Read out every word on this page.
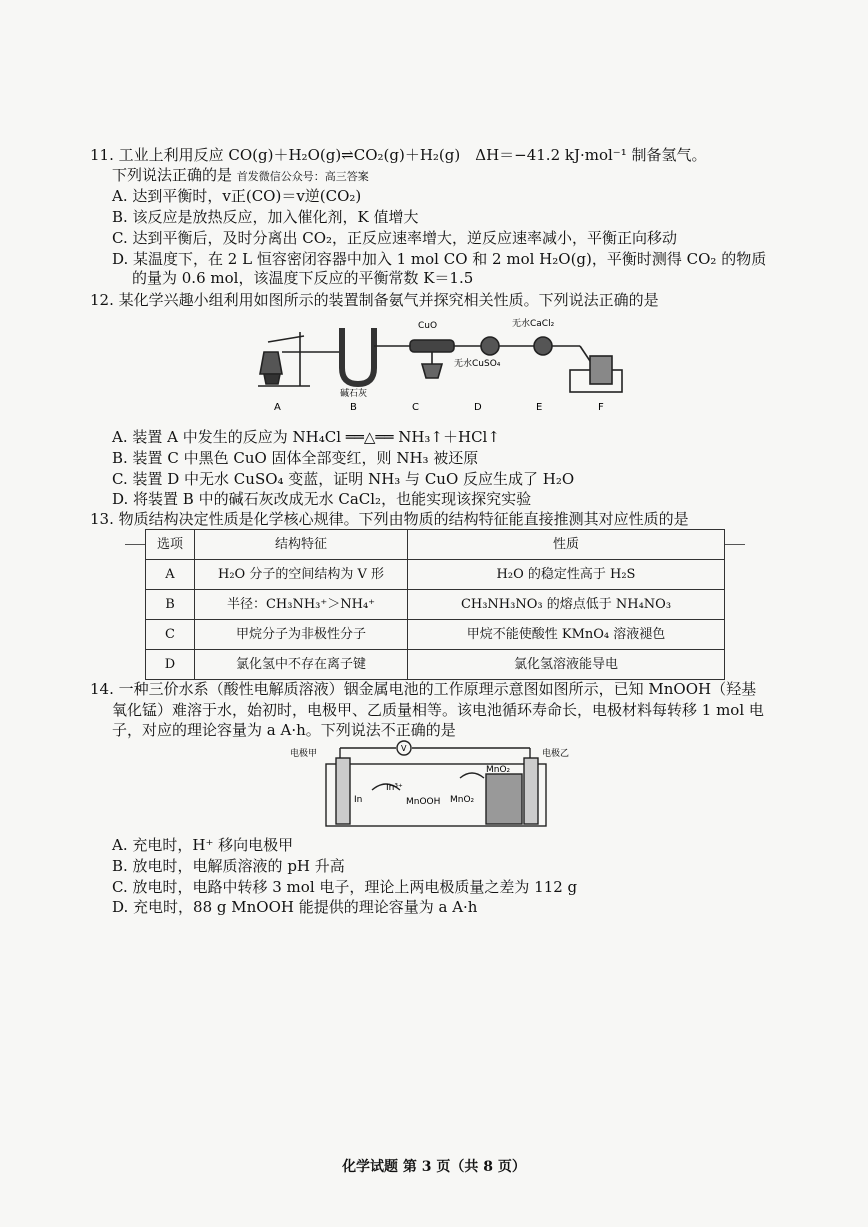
11. 工业上利用反应 CO(g)＋H₂O(g)⇌CO₂(g)＋H₂(g)　ΔH＝−41.2 kJ·mol⁻¹ 制备氢气。
下列说法正确的是 首发微信公众号：高三答案
A. 达到平衡时，v正(CO)＝v逆(CO₂)
B. 该反应是放热反应，加入催化剂，K 值增大
C. 达到平衡后，及时分离出 CO₂，正反应速率增大，逆反应速率减小，平衡正向移动
D. 某温度下，在 2 L 恒容密闭容器中加入 1 mol CO 和 2 mol H₂O(g)，平衡时测得 CO₂ 的物质
的量为 0.6 mol，该温度下反应的平衡常数 K＝1.5
12. 某化学兴趣小组利用如图所示的装置制备氨气并探究相关性质。下列说法正确的是
CuO	无水CaCl₂
碱石灰
无水CuSO₄
A	B	C	D	E	F
A. 装置 A 中发生的反应为 NH₄Cl ══△══ NH₃↑＋HCl↑
B. 装置 C 中黑色 CuO 固体全部变红，则 NH₃ 被还原
C. 装置 D 中无水 CuSO₄ 变蓝，证明 NH₃ 与 CuO 反应生成了 H₂O
D. 将装置 B 中的碱石灰改成无水 CaCl₂，也能实现该探究实验
13. 物质结构决定性质是化学核心规律。下列由物质的结构特征能直接推测其对应性质的是
选项	结构特征	性质
A	H₂O 分子的空间结构为 V 形	H₂O 的稳定性高于 H₂S
B	半径：CH₃NH₃⁺＞NH₄⁺	CH₃NH₃NO₃ 的熔点低于 NH₄NO₃
C	甲烷分子为非极性分子	甲烷不能使酸性 KMnO₄ 溶液褪色
D	氯化氢中不存在离子键	氯化氢溶液能导电
14. 一种三价水系（酸性电解质溶液）铟金属电池的工作原理示意图如图所示，已知 MnOOH（羟基
氧化锰）难溶于水，始初时，电极甲、乙质量相等。该电池循环寿命长，电极材料每转移 1 mol 电
子，对应的理论容量为 a A·h。下列说法不正确的是
电极甲	电极乙
V
In
In³⁺
MnOOH MnO₂
MnO₂
A. 充电时，H⁺ 移向电极甲
B. 放电时，电解质溶液的 pH 升高
C. 放电时，电路中转移 3 mol 电子，理论上两电极质量之差为 112 g
D. 充电时，88 g MnOOH 能提供的理论容量为 a A·h
化学试题 第 3 页（共 8 页）
